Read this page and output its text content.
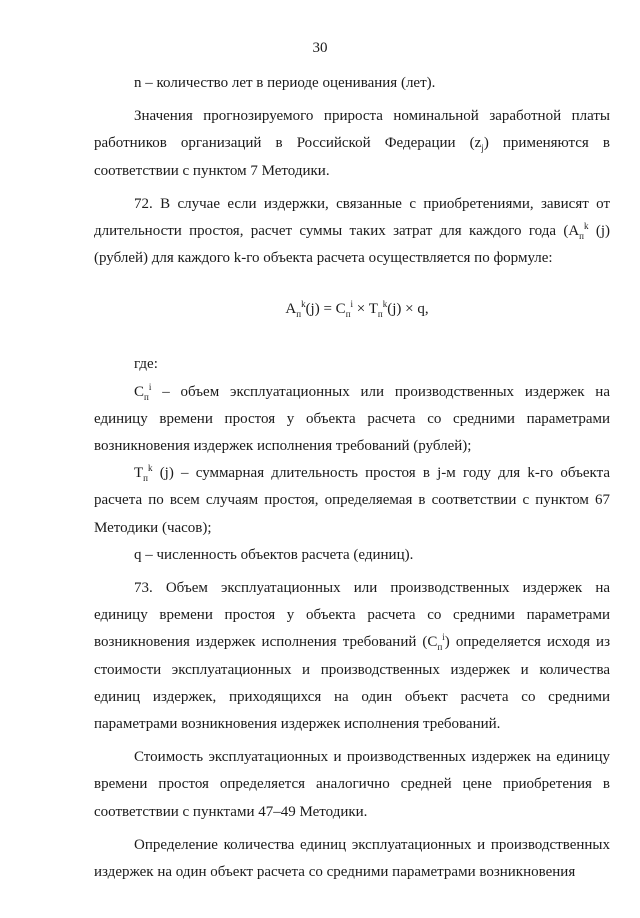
30

n – количество лет в периоде оценивания (лет).

Значения прогнозируемого прироста номинальной заработной платы работников организаций в Российской Федерации $(z_j)$ применяются в соответствии с пунктом 7 Методики.

72. В случае если издержки, связанные с приобретениями, зависят от длительности простоя, расчет суммы таких затрат для каждого года ($A_п^k$ (j) (рублей) для каждого k-го объекта расчета осуществляется по формуле:

$A_п^k(j) = C_п^i \times T_п^k(j) \times q$,

где:

$C_п^i$ – объем эксплуатационных или производственных издержек на единицу времени простоя у объекта расчета со средними параметрами возникновения издержек исполнения требований (рублей);

$T_п^k$ (j) – суммарная длительность простоя в j-м году для k-го объекта расчета по всем случаям простоя, определяемая в соответствии с пунктом 67 Методики (часов);

q – численность объектов расчета (единиц).

73. Объем эксплуатационных или производственных издержек на единицу времени простоя у объекта расчета со средними параметрами возникновения издержек исполнения требований $(C_п^i)$ определяется исходя из стоимости эксплуатационных и производственных издержек и количества единиц издержек, приходящихся на один объект расчета со средними параметрами возникновения издержек исполнения требований.

Стоимость эксплуатационных и производственных издержек на единицу времени простоя определяется аналогично средней цене приобретения в соответствии с пунктами 47–49 Методики.

Определение количества единиц эксплуатационных и производственных издержек на один объект расчета со средними параметрами возникновения
